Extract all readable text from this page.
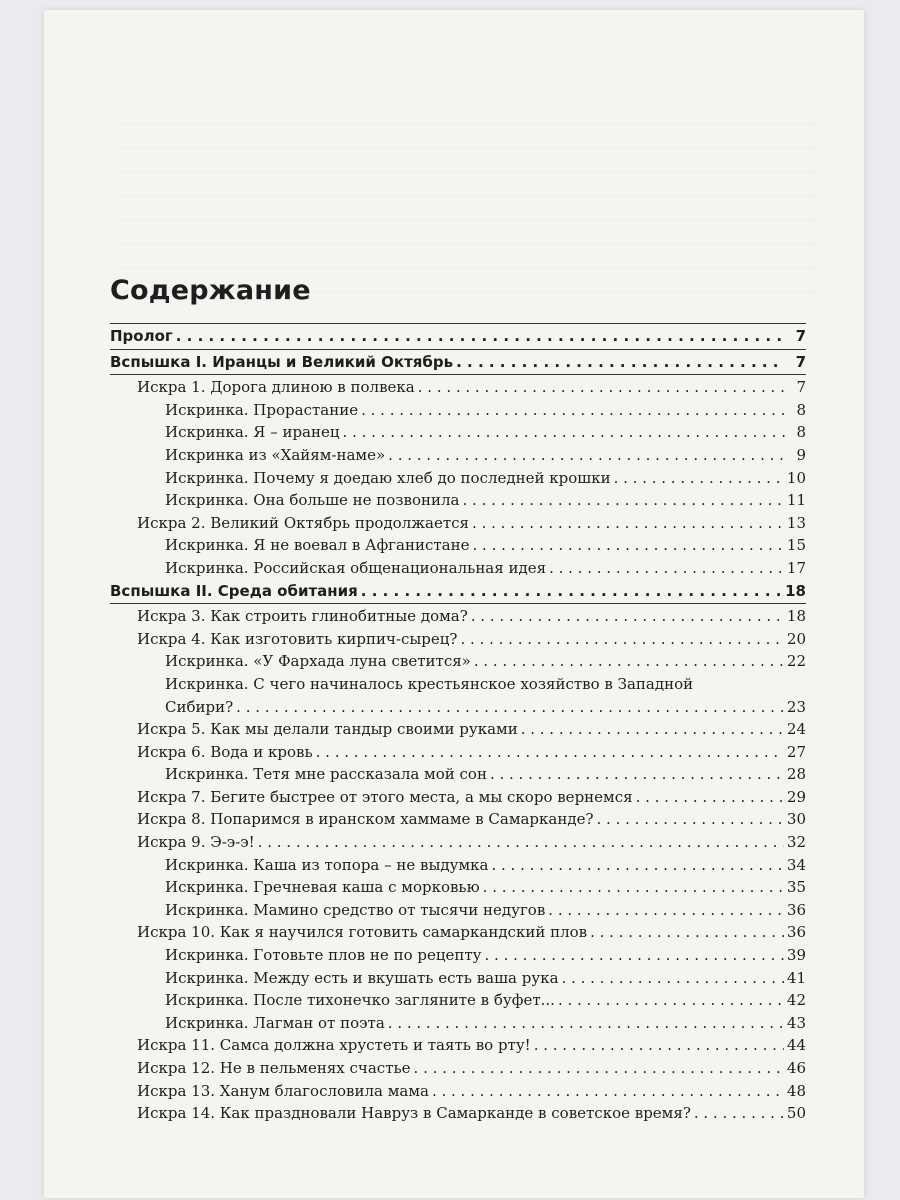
Содержание
Пролог . . .	7
Вспышка I. Иранцы и Великий Октябрь . . .	7
Искра 1. Дорога длиною в полвека . . .	7
Искринка. Прорастание . . .	8
Искринка. Я – иранец . . .	8
Искринка из «Хайям-наме» . . .	9
Искринка. Почему я доедаю хлеб до последней крошки . . .	10
Искринка. Она больше не позвонила . . .	11
Искра 2. Великий Октябрь продолжается . . .	13
Искринка. Я не воевал в Афганистане . . .	15
Искринка. Российская общенациональная идея . . .	17
Вспышка II. Среда обитания . . .	18
Искра 3. Как строить глинобитные дома? . . .	18
Искра 4. Как изготовить кирпич-сырец? . . .	20
Искринка. «У Фархада луна светится» . . .	22
Искринка. С чего начиналось крестьянское хозяйство в Западной
Сибири? . . .	23
Искра 5. Как мы делали тандыр своими руками . . .	24
Искра 6. Вода и кровь . . .	27
Искринка. Тетя мне рассказала мой сон . . .	28
Искра 7. Бегите быстрее от этого места, а мы скоро вернемся . . .	29
Искра 8. Попаримся в иранском хаммаме в Самарканде? . . .	30
Искра 9. Э-э-э! . . .	32
Искринка. Каша из топора – не выдумка . . .	34
Искринка. Гречневая каша с морковью . . .	35
Искринка. Мамино средство от тысячи недугов . . .	36
Искра 10. Как я научился готовить самаркандский плов . . .	36
Искринка. Готовьте плов не по рецепту . . .	39
Искринка. Между есть и вкушать есть ваша рука . . .	41
Искринка. После тихонечко загляните в буфет... . . .	42
Искринка. Лагман от поэта . . .	43
Искра 11. Самса должна хрустеть и таять во рту! . . .	44
Искра 12. Не в пельменях счастье . . .	46
Искра 13. Ханум благословила мама . . .	48
Искра 14. Как праздновали Навруз в Самарканде в советское время? . . .	50
